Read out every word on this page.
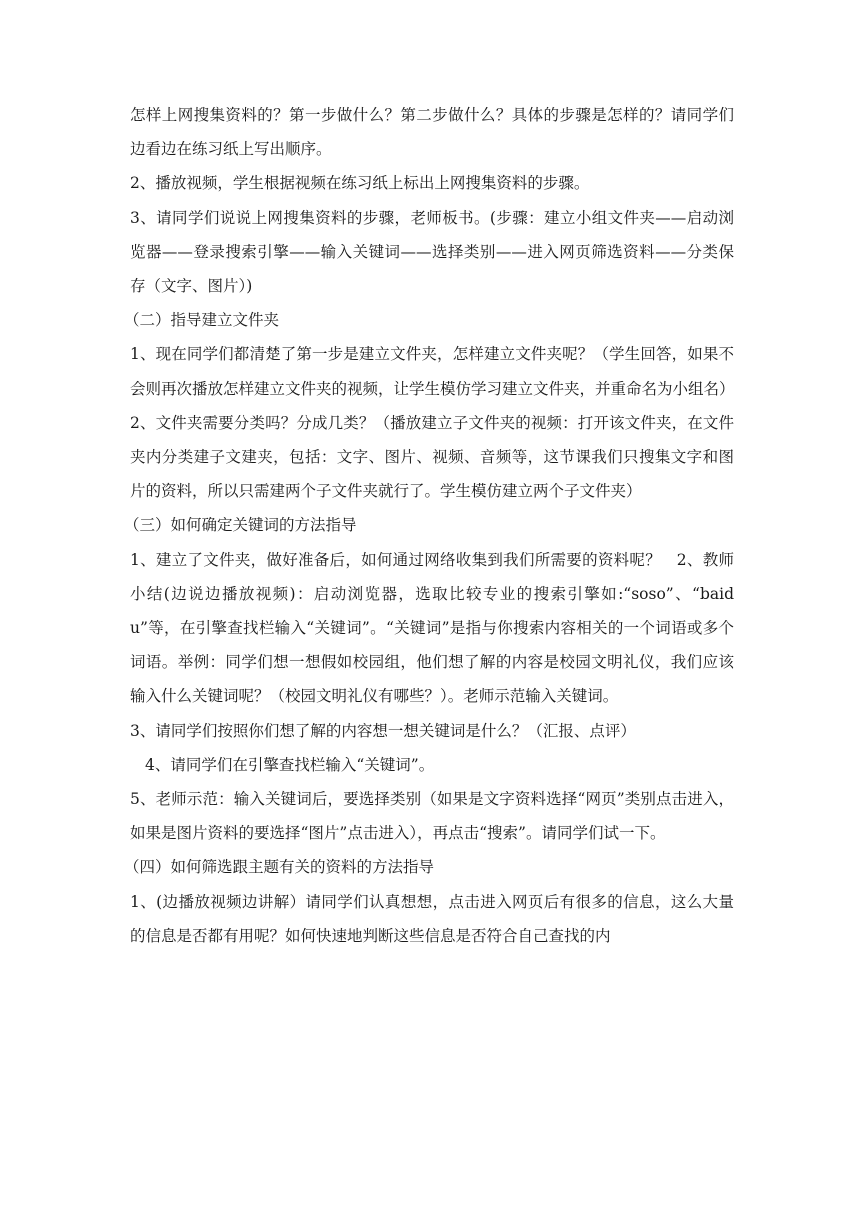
怎样上网搜集资料的？第一步做什么？第二步做什么？具体的步骤是怎样的？请同学们边看边在练习纸上写出顺序。

2、播放视频，学生根据视频在练习纸上标出上网搜集资料的步骤。

3、请同学们说说上网搜集资料的步骤，老师板书。(步骤：建立小组文件夹——启动浏览器——登录搜索引擎——输入关键词——选择类别——进入网页筛选资料——分类保存（文字、图片）)

（二）指导建立文件夹

1、现在同学们都清楚了第一步是建立文件夹，怎样建立文件夹呢？（学生回答，如果不会则再次播放怎样建立文件夹的视频，让学生模仿学习建立文件夹，并重命名为小组名）

2、文件夹需要分类吗？分成几类？（播放建立子文件夹的视频：打开该文件夹，在文件夹内分类建子文建夹，包括：文字、图片、视频、音频等，这节课我们只搜集文字和图片的资料，所以只需建两个子文件夹就行了。学生模仿建立两个子文件夹）

（三）如何确定关键词的方法指导

1、建立了文件夹，做好准备后，如何通过网络收集到我们所需要的资料呢？　2、教师小结(边说边播放视频)：启动浏览器，选取比较专业的搜索引擎如:“soso”、“baidu”等，在引擎查找栏输入“关键词”。“关键词”是指与你搜索内容相关的一个词语或多个词语。举例：同学们想一想假如校园组，他们想了解的内容是校园文明礼仪，我们应该输入什么关键词呢？（校园文明礼仪有哪些？）。老师示范输入关键词。

3、请同学们按照你们想了解的内容想一想关键词是什么？（汇报、点评）

4、请同学们在引擎查找栏输入“关键词”。

5、老师示范：输入关键词后，要选择类别（如果是文字资料选择“网页”类别点击进入，如果是图片资料的要选择“图片”点击进入），再点击“搜索”。请同学们试一下。

（四）如何筛选跟主题有关的资料的方法指导

1、(边播放视频边讲解）请同学们认真想想，点击进入网页后有很多的信息，这么大量的信息是否都有用呢？如何快速地判断这些信息是否符合自己查找的内
